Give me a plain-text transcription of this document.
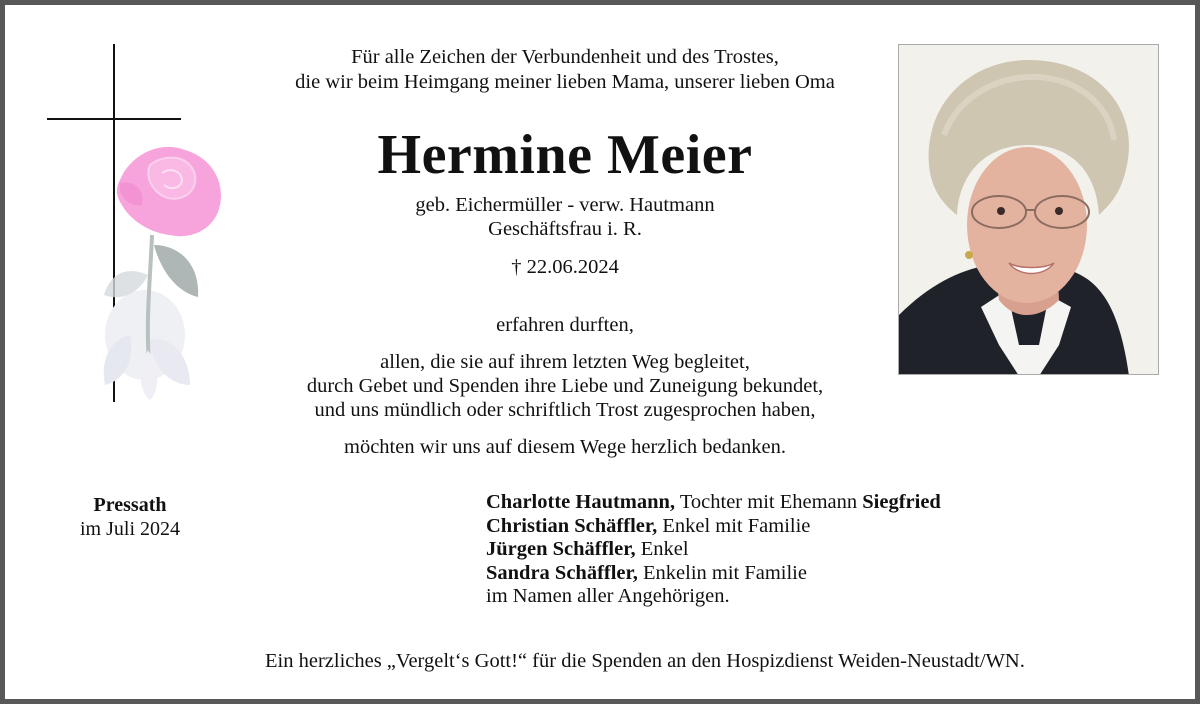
Für alle Zeichen der Verbundenheit und des Trostes,
die wir beim Heimgang meiner lieben Mama, unserer lieben Oma
Hermine Meier
geb. Eichermüller - verw. Hautmann
Geschäftsfrau i. R.
† 22.06.2024
erfahren durften,
allen, die sie auf ihrem letzten Weg begleitet,
durch Gebet und Spenden ihre Liebe und Zuneigung bekundet,
und uns mündlich oder schriftlich Trost zugesprochen haben,
möchten wir uns auf diesem Wege herzlich bedanken.
Pressath
im Juli 2024
Charlotte Hautmann, Tochter mit Ehemann Siegfried
Christian Schäffler, Enkel mit Familie
Jürgen Schäffler, Enkel
Sandra Schäffler, Enkelin mit Familie
im Namen aller Angehörigen.
Ein herzliches „Vergelt‘s Gott!“ für die Spenden an den Hospizdienst Weiden-Neustadt/WN.
